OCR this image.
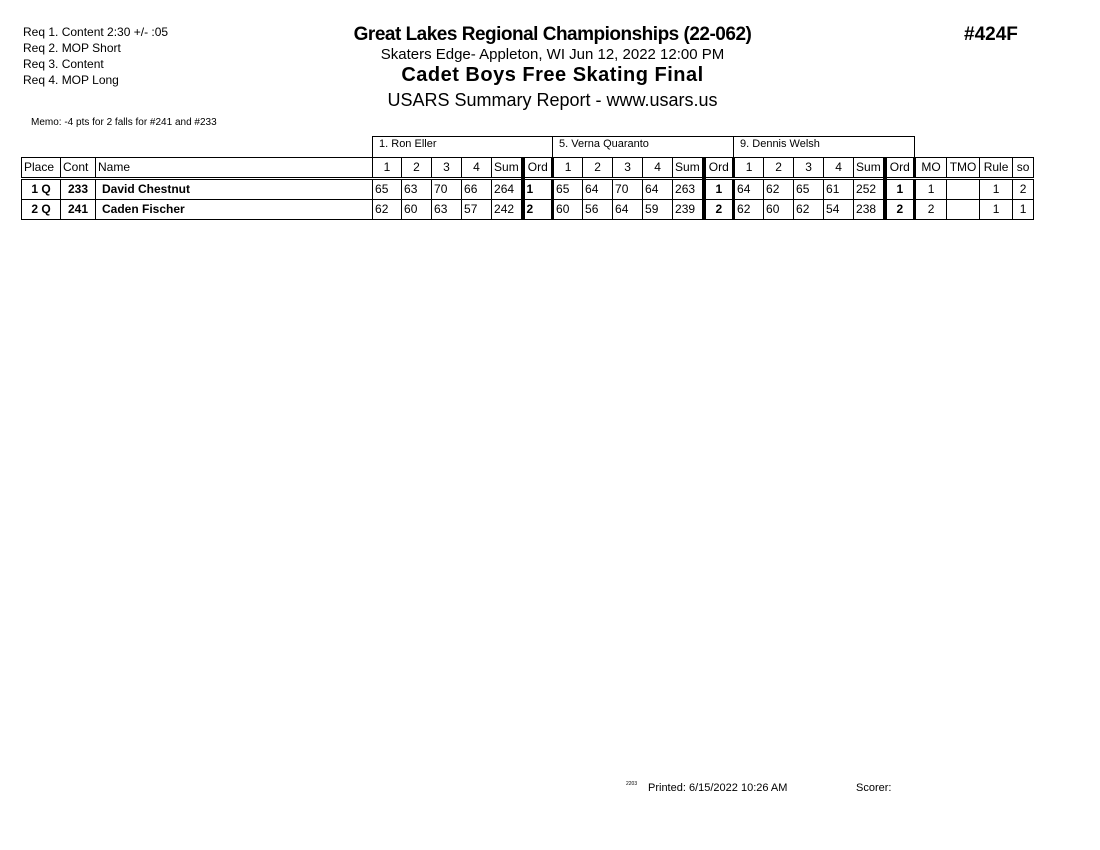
Req 1. Content 2:30 +/- :05
Req 2. MOP Short
Req 3. Content
Req 4. MOP Long
Great Lakes Regional Championships (22-062)
Skaters Edge- Appleton, WI Jun 12, 2022 12:00 PM
Cadet Boys Free Skating Final
USARS Summary Report - www.usars.us
#424F
Memo: -4 pts for 2 falls for #241 and #233
			1. Ron Eller						5. Verna Quaranto						9. Dennis Welsh									
Place	Cont	Name	1	2	3	4	Sum	Ord	1	2	3	4	Sum	Ord	1	2	3	4	Sum	Ord	MO	TMO	Rule	so
1 Q	233	David Chestnut	65	63	70	66	264	1	65	64	70	64	263	1	64	62	65	61	252	1	1		1	2
2 Q	241	Caden Fischer	62	60	63	57	242	2	60	56	64	59	239	2	62	60	62	54	238	2	2		1	1
2203 Printed: 6/15/2022 10:26 AM	Scorer:
